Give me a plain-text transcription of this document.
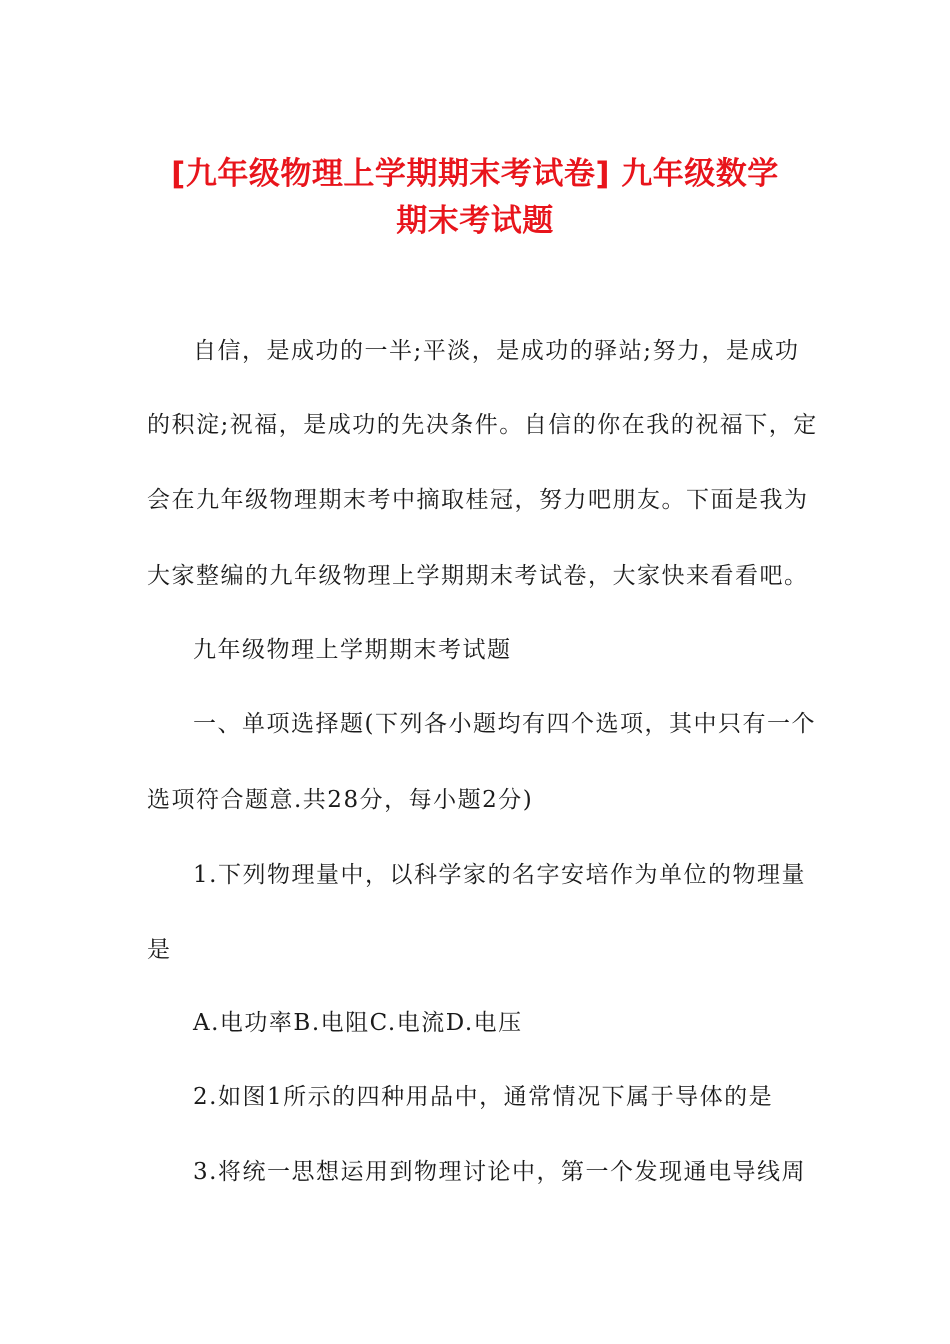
[九年级物理上学期期末考试卷] 九年级数学
期末考试题

自信，是成功的一半;平淡，是成功的驿站;努力，是成功

的积淀;祝福，是成功的先决条件。自信的你在我的祝福下，定

会在九年级物理期末考中摘取桂冠，努力吧朋友。下面是我为

大家整编的九年级物理上学期期末考试卷，大家快来看看吧。

九年级物理上学期期末考试题

一、单项选择题(下列各小题均有四个选项，其中只有一个

选项符合题意.共28分，每小题2分)

1.下列物理量中，以科学家的名字安培作为单位的物理量

是

A.电功率B.电阻C.电流D.电压

2.如图1所示的四种用品中，通常情况下属于导体的是

3.将统一思想运用到物理讨论中，第一个发现通电导线周
